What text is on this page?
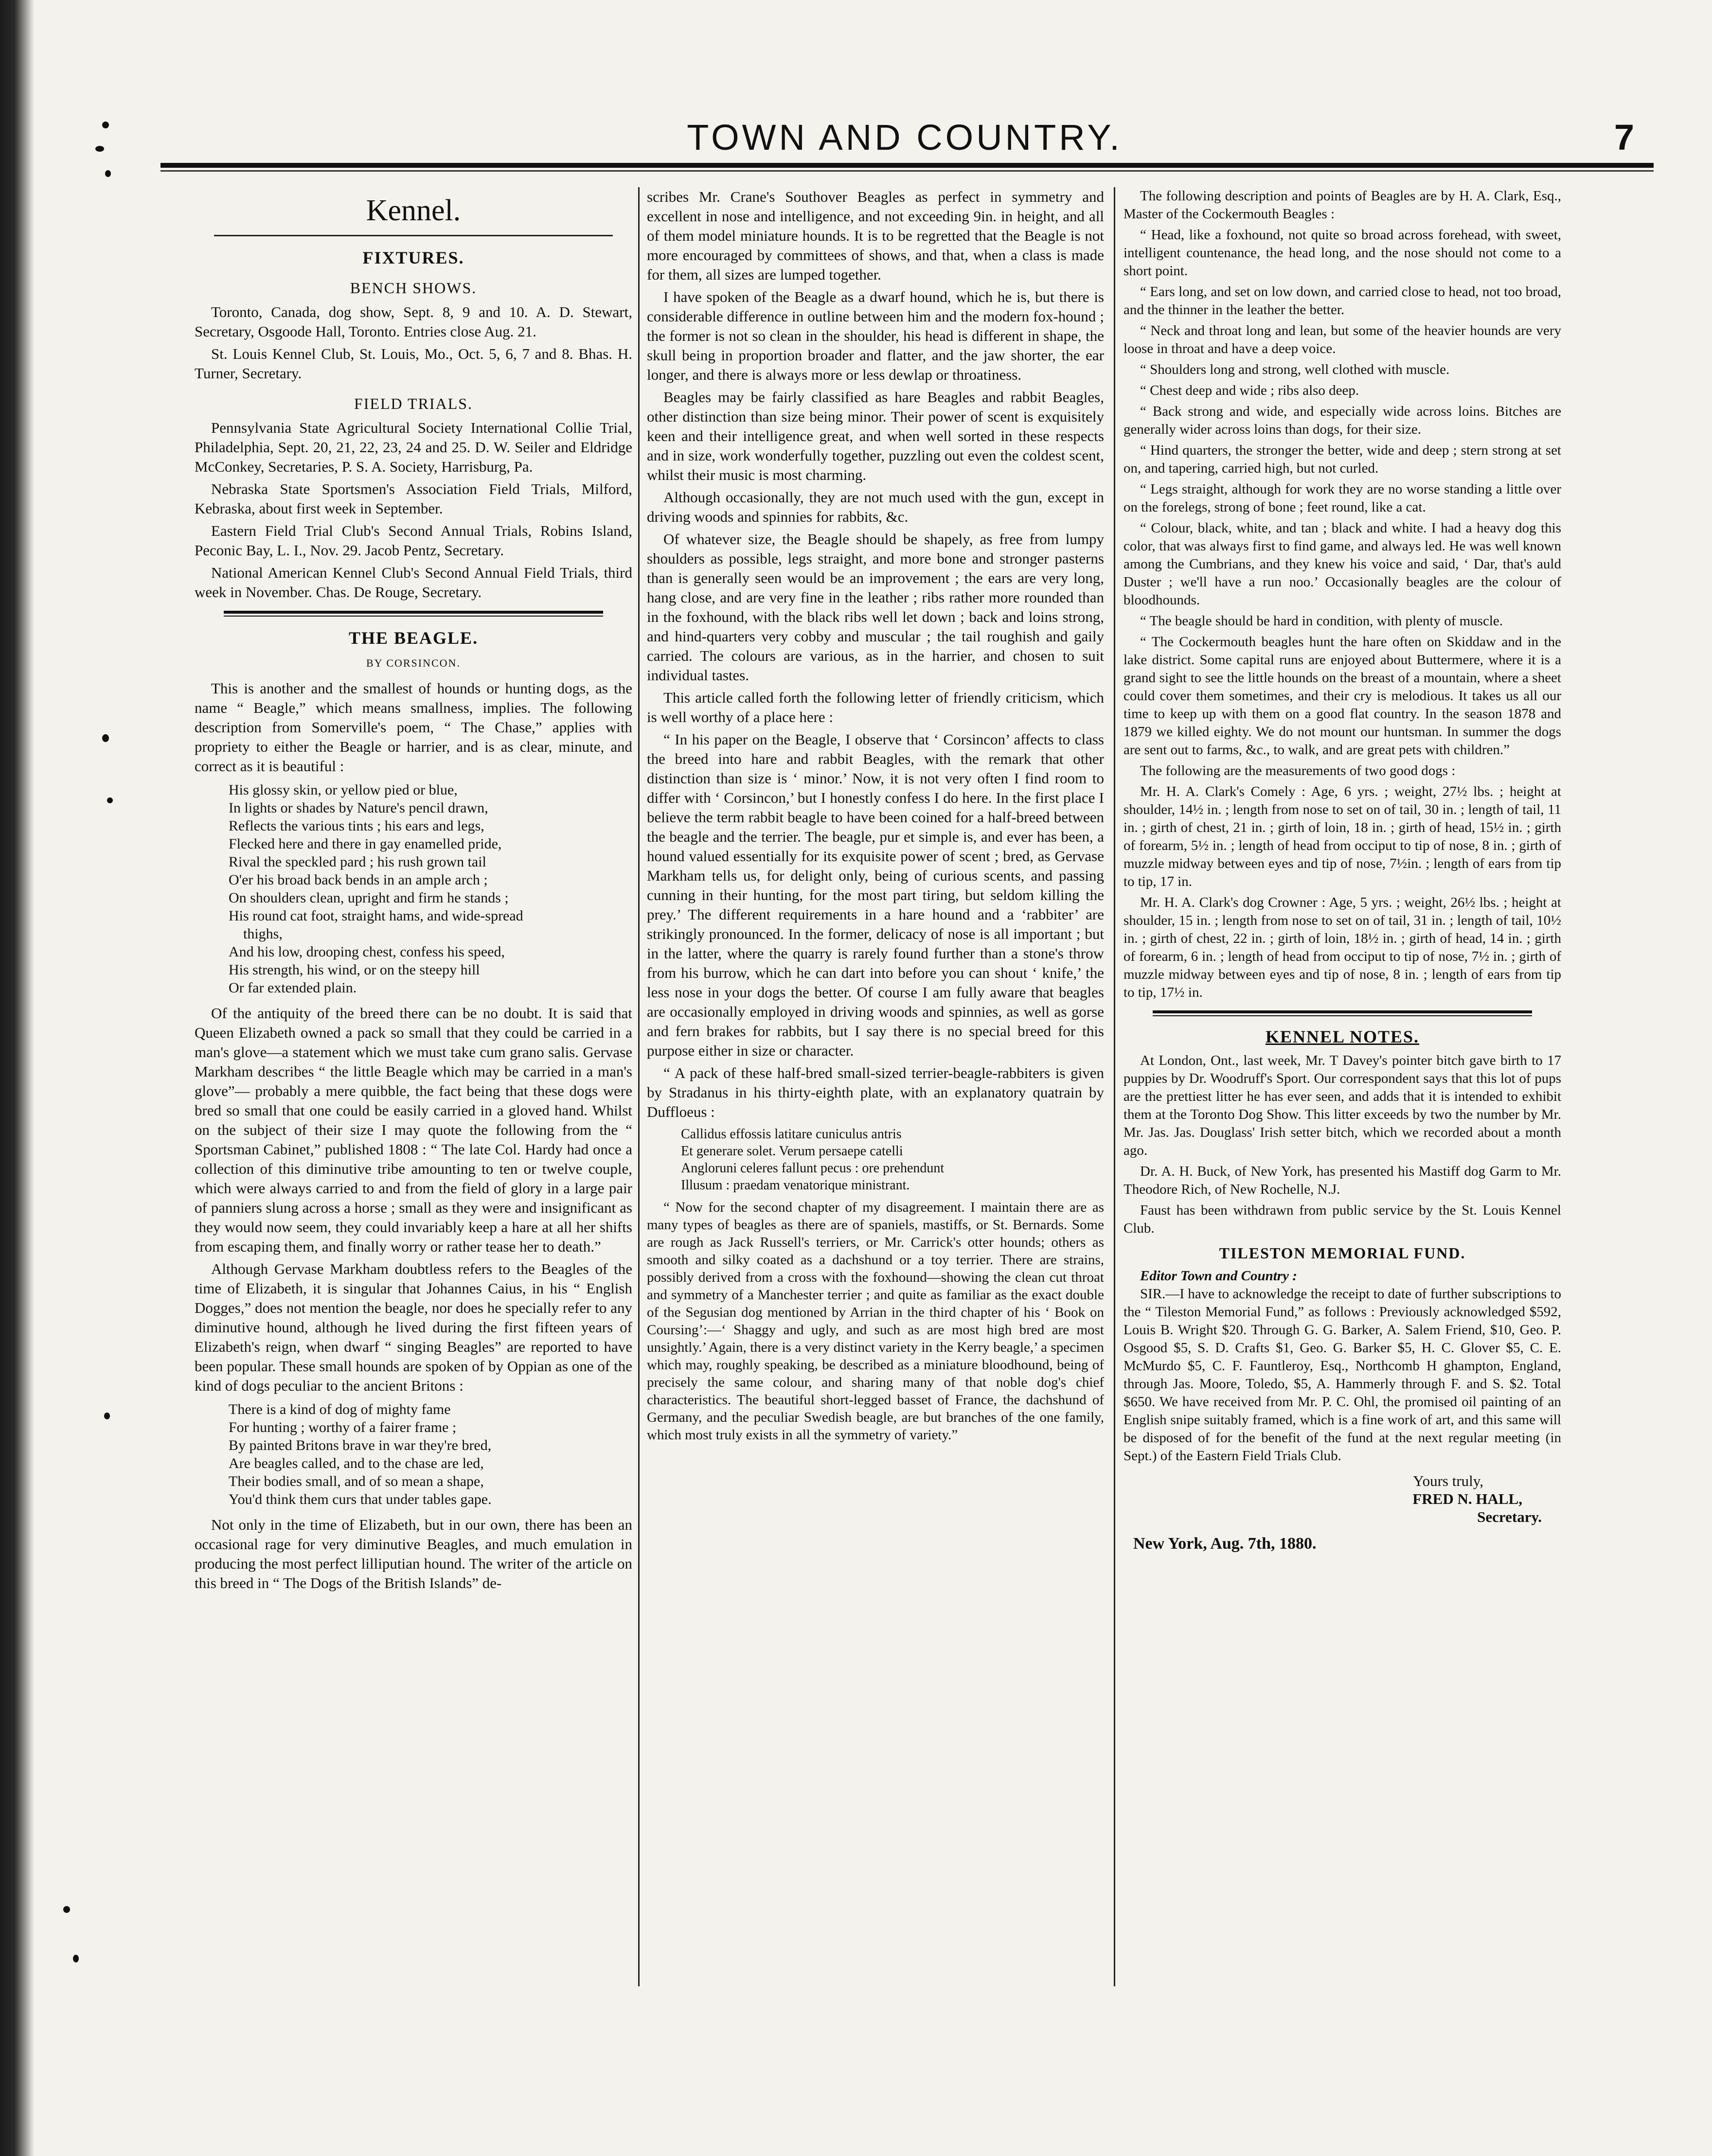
TOWN AND COUNTRY.	7
Kennel.
FIXTURES.
BENCH SHOWS.

Toronto, Canada, dog show, Sept. 8, 9 and 10. A. D. Stewart, Secretary, Osgoode Hall, Toronto. Entries close Aug. 21.

St. Louis Kennel Club, St. Louis, Mo., Oct. 5, 6, 7 and 8. Bhas. H. Turner, Secretary.

FIELD TRIALS.

Pennsylvania State Agricultural Society International Collie Trial, Philadelphia, Sept. 20, 21, 22, 23, 24 and 25. D. W. Seiler and Eldridge McConkey, Secretaries, P. S. A. Society, Harrisburg, Pa.

Nebraska State Sportsmen's Association Field Trials, Milford, Kebraska, about first week in September.

Eastern Field Trial Club's Second Annual Trials, Robins Island, Peconic Bay, L. I., Nov. 29. Jacob Pentz, Secretary.

National American Kennel Club's Second Annual Field Trials, third week in November. Chas. De Rouge, Secretary.

THE BEAGLE.
BY CORSINCON.

This is another and the smallest of hounds or hunting dogs, as the name “ Beagle,” which means smallness, implies. The following description from Somerville's poem, “ The Chase,” applies with propriety to either the Beagle or harrier, and is as clear, minute, and correct as it is beautiful :

His glossy skin, or yellow pied or blue,
In lights or shades by Nature's pencil drawn,
Reflects the various tints ; his ears and legs,
Flecked here and there in gay enamelled pride,
Rival the speckled pard ; his rush grown tail
O'er his broad back bends in an ample arch ;
On shoulders clean, upright and firm he stands ;
His round cat foot, straight hams, and wide-spread
thighs,
And his low, drooping chest, confess his speed,
His strength, his wind, or on the steepy hill
Or far extended plain.

Of the antiquity of the breed there can be no doubt. It is said that Queen Elizabeth owned a pack so small that they could be carried in a man's glove—a statement which we must take cum grano salis. Gervase Markham describes “ the little Beagle which may be carried in a man's glove”— probably a mere quibble, the fact being that these dogs were bred so small that one could be easily carried in a gloved hand. Whilst on the subject of their size I may quote the following from the “ Sportsman Cabinet,” published 1808 : “ The late Col. Hardy had once a collection of this diminutive tribe amounting to ten or twelve couple, which were always carried to and from the field of glory in a large pair of panniers slung across a horse ; small as they were and insignificant as they would now seem, they could invariably keep a hare at all her shifts from escaping them, and finally worry or rather tease her to death.”

Although Gervase Markham doubtless refers to the Beagles of the time of Elizabeth, it is singular that Johannes Caius, in his “ English Dogges,” does not mention the beagle, nor does he specially refer to any diminutive hound, although he lived during the first fifteen years of Elizabeth's reign, when dwarf “ singing Beagles” are reported to have been popular. These small hounds are spoken of by Oppian as one of the kind of dogs peculiar to the ancient Britons :

There is a kind of dog of mighty fame
For hunting ; worthy of a fairer frame ;
By painted Britons brave in war they're bred,
Are beagles called, and to the chase are led,
Their bodies small, and of so mean a shape,
You'd think them curs that under tables gape.

Not only in the time of Elizabeth, but in our own, there has been an occasional rage for very diminutive Beagles, and much emulation in producing the most perfect lilliputian hound. The writer of the article on this breed in “ The Dogs of the British Islands” de-

scribes Mr. Crane's Southover Beagles as perfect in symmetry and excellent in nose and intelligence, and not exceeding 9in. in height, and all of them model miniature hounds. It is to be regretted that the Beagle is not more encouraged by committees of shows, and that, when a class is made for them, all sizes are lumped together.

I have spoken of the Beagle as a dwarf hound, which he is, but there is considerable difference in outline between him and the modern fox-hound ; the former is not so clean in the shoulder, his head is different in shape, the skull being in proportion broader and flatter, and the jaw shorter, the ear longer, and there is always more or less dewlap or throatiness.

Beagles may be fairly classified as hare Beagles and rabbit Beagles, other distinction than size being minor. Their power of scent is exquisitely keen and their intelligence great, and when well sorted in these respects and in size, work wonderfully together, puzzling out even the coldest scent, whilst their music is most charming.

Although occasionally, they are not much used with the gun, except in driving woods and spinnies for rabbits, &c.

Of whatever size, the Beagle should be shapely, as free from lumpy shoulders as possible, legs straight, and more bone and stronger pasterns than is generally seen would be an improvement ; the ears are very long, hang close, and are very fine in the leather ; ribs rather more rounded than in the foxhound, with the black ribs well let down ; back and loins strong, and hind-quarters very cobby and muscular ; the tail roughish and gaily carried. The colours are various, as in the harrier, and chosen to suit individual tastes.

This article called forth the following letter of friendly criticism, which is well worthy of a place here :

“ In his paper on the Beagle, I observe that ‘ Corsincon’ affects to class the breed into hare and rabbit Beagles, with the remark that other distinction than size is ‘ minor.’ Now, it is not very often I find room to differ with ‘ Corsincon,’ but I honestly confess I do here. In the first place I believe the term rabbit beagle to have been coined for a half-breed between the beagle and the terrier. The beagle, pur et simple is, and ever has been, a hound valued essentially for its exquisite power of scent ; bred, as Gervase Markham tells us, for delight only, being of curious scents, and passing cunning in their hunting, for the most part tiring, but seldom killing the prey.’ The different requirements in a hare hound and a ‘rabbiter’ are strikingly pronounced. In the former, delicacy of nose is all important ; but in the latter, where the quarry is rarely found further than a stone's throw from his burrow, which he can dart into before you can shout ‘ knife,’ the less nose in your dogs the better. Of course I am fully aware that beagles are occasionally employed in driving woods and spinnies, as well as gorse and fern brakes for rabbits, but I say there is no special breed for this purpose either in size or character.

“ A pack of these half-bred small-sized terrier-beagle-rabbiters is given by Stradanus in his thirty-eighth plate, with an explanatory quatrain by Duffloeus :

Callidus effossis latitare cuniculus antris
Et generare solet. Verum persaepe catelli
Angloruni celeres fallunt pecus : ore prehendunt
Illusum : praedam venatorique ministrant.

“ Now for the second chapter of my disagreement. I maintain there are as many types of beagles as there are of spaniels, mastiffs, or St. Bernards. Some are rough as Jack Russell's terriers, or Mr. Carrick's otter hounds; others as smooth and silky coated as a dachshund or a toy terrier. There are strains, possibly derived from a cross with the foxhound—showing the clean cut throat and symmetry of a Manchester terrier ; and quite as familiar as the exact double of the Segusian dog mentioned by Arrian in the third chapter of his ‘ Book on Coursing’:—‘ Shaggy and ugly, and such as are most high bred are most unsightly.’ Again, there is a very distinct variety in the Kerry beagle,’ a specimen which may, roughly speaking, be described as a miniature bloodhound, being of precisely the same colour, and sharing many of that noble dog's chief characteristics. The beautiful short-legged basset of France, the dachshund of Germany, and the peculiar Swedish beagle, are but branches of the one family, which most truly exists in all the symmetry of variety.”

The following description and points of Beagles are by H. A. Clark, Esq., Master of the Cockermouth Beagles :

“ Head, like a foxhound, not quite so broad across forehead, with sweet, intelligent countenance, the head long, and the nose should not come to a short point.

“ Ears long, and set on low down, and carried close to head, not too broad, and the thinner in the leather the better.

“ Neck and throat long and lean, but some of the heavier hounds are very loose in throat and have a deep voice.

“ Shoulders long and strong, well clothed with muscle.

“ Chest deep and wide ; ribs also deep.

“ Back strong and wide, and especially wide across loins. Bitches are generally wider across loins than dogs, for their size.

“ Hind quarters, the stronger the better, wide and deep ; stern strong at set on, and tapering, carried high, but not curled.

“ Legs straight, although for work they are no worse standing a little over on the forelegs, strong of bone ; feet round, like a cat.

“ Colour, black, white, and tan ; black and white. I had a heavy dog this color, that was always first to find game, and always led. He was well known among the Cumbrians, and they knew his voice and said, ‘ Dar, that's auld Duster ; we'll have a run noo.’ Occasionally beagles are the colour of bloodhounds.

“ The beagle should be hard in condition, with plenty of muscle.

“ The Cockermouth beagles hunt the hare often on Skiddaw and in the lake district. Some capital runs are enjoyed about Buttermere, where it is a grand sight to see the little hounds on the breast of a mountain, where a sheet could cover them sometimes, and their cry is melodious. It takes us all our time to keep up with them on a good flat country. In the season 1878 and 1879 we killed eighty. We do not mount our huntsman. In summer the dogs are sent out to farms, &c., to walk, and are great pets with children.”

The following are the measurements of two good dogs :

Mr. H. A. Clark's Comely : Age, 6 yrs. ; weight, 27½ lbs. ; height at shoulder, 14½ in. ; length from nose to set on of tail, 30 in. ; length of tail, 11 in. ; girth of chest, 21 in. ; girth of loin, 18 in. ; girth of head, 15½ in. ; girth of forearm, 5½ in. ; length of head from occiput to tip of nose, 8 in. ; girth of muzzle midway between eyes and tip of nose, 7½in. ; length of ears from tip to tip, 17 in.

Mr. H. A. Clark's dog Crowner : Age, 5 yrs. ; weight, 26½ lbs. ; height at shoulder, 15 in. ; length from nose to set on of tail, 31 in. ; length of tail, 10½ in. ; girth of chest, 22 in. ; girth of loin, 18½ in. ; girth of head, 14 in. ; girth of forearm, 6 in. ; length of head from occiput to tip of nose, 7½ in. ; girth of muzzle midway between eyes and tip of nose, 8 in. ; length of ears from tip to tip, 17½ in.

KENNEL NOTES.

At London, Ont., last week, Mr. T Davey's pointer bitch gave birth to 17 puppies by Dr. Woodruff's Sport. Our correspondent says that this lot of pups are the prettiest litter he has ever seen, and adds that it is intended to exhibit them at the Toronto Dog Show. This litter exceeds by two the number by Mr. Mr. Jas. Jas. Douglass' Irish setter bitch, which we recorded about a month ago.

Dr. A. H. Buck, of New York, has presented his Mastiff dog Garm to Mr. Theodore Rich, of New Rochelle, N.J.

Faust has been withdrawn from public service by the St. Louis Kennel Club.

TILESTON MEMORIAL FUND.
Editor Town and Country :

SIR.—I have to acknowledge the receipt to date of further subscriptions to the “ Tileston Memorial Fund,” as follows : Previously acknowledged $592, Louis B. Wright $20. Through G. G. Barker, A. Salem Friend, $10, Geo. P. Osgood $5, S. D. Crafts $1, Geo. G. Barker $5, H. C. Glover $5, C. E. McMurdo $5, C. F. Fauntleroy, Esq., Northcomb H ghampton, England, through Jas. Moore, Toledo, $5, A. Hammerly through F. and S. $2. Total $650. We have received from Mr. P. C. Ohl, the promised oil painting of an English snipe suitably framed, which is a fine work of art, and this same will be disposed of for the benefit of the fund at the next regular meeting (in Sept.) of the Eastern Field Trials Club.

Yours truly,
FRED N. HALL,
Secretary.
New York, Aug. 7th, 1880.
